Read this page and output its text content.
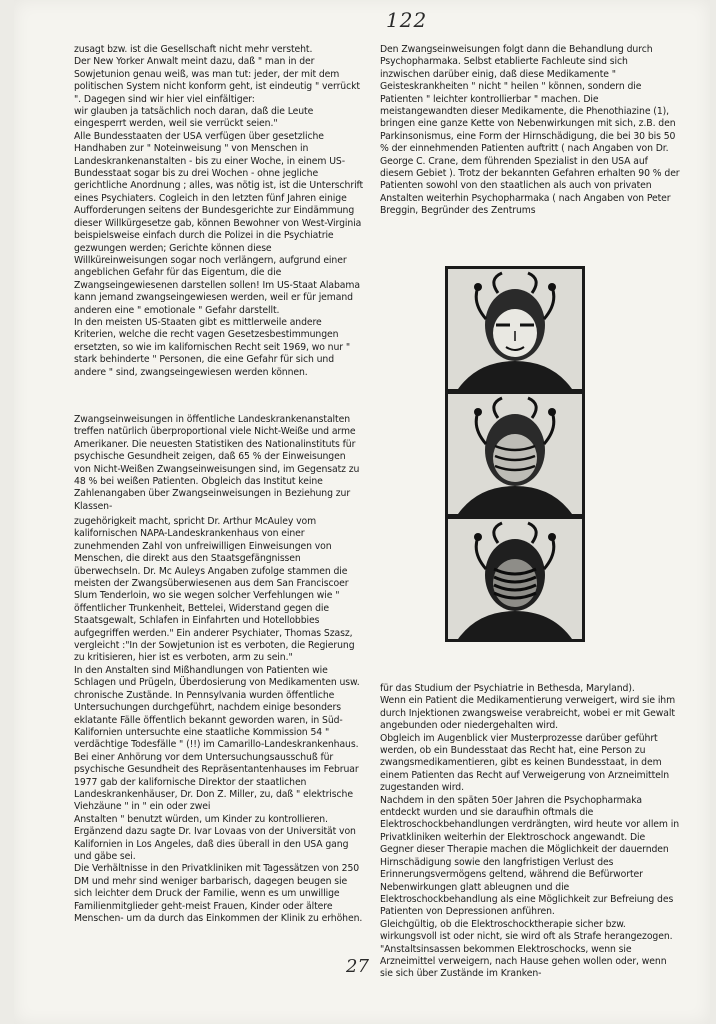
122

zusagt bzw. ist die Gesellschaft nicht mehr versteht.
Der New Yorker Anwalt meint dazu, daß " man in der Sowjetunion genau weiß, was man tut: jeder, der mit dem politischen System nicht konform geht, ist eindeutig " verrückt ". Dagegen sind wir hier viel einfältiger:
wir glauben ja tatsächlich noch daran, daß die Leute eingesperrt werden, weil sie verrückt seien."
Alle Bundesstaaten der USA verfügen über gesetzliche Handhaben zur " Noteinweisung " von Menschen in Landeskrankenanstalten - bis zu einer Woche, in einem US-Bundesstaat sogar bis zu drei Wochen - ohne jegliche gerichtliche Anordnung ; alles, was nötig ist, ist die Unterschrift eines Psychiaters. Cogleich in den letzten fünf Jahren einige Aufforderungen seitens der Bundesgerichte zur Eindämmung dieser Willkürgesetze gab, können Bewohner von West-Virginia beispielsweise einfach durch die Polizei in die Psychiatrie gezwungen werden; Gerichte können diese Willküreinweisungen sogar noch verlängern, aufgrund einer angeblichen Gefahr für das Eigentum, die die Zwangseingewiesenen darstellen sollen! Im US-Staat Alabama kann jemand zwangseingewiesen werden, weil er für jemand anderen eine " emotionale " Gefahr darstellt.
In den meisten US-Staaten gibt es mittlerweile andere Kriterien, welche die recht vagen Gesetzesbestimmungen ersetzten, so wie im kalifornischen Recht seit 1969, wo nur " stark behinderte " Personen, die eine Gefahr für sich und andere " sind, zwangseingewiesen werden können.

Zwangseinweisungen in öffentliche Landeskrankenanstalten treffen natürlich überproportional viele Nicht-Weiße und arme Amerikaner. Die neuesten Statistiken des Nationalinstituts für psychische Gesundheit zeigen, daß 65 % der Einweisungen von Nicht-Weißen Zwangseinweisungen sind, im Gegensatz zu 48 % bei weißen Patienten. Obgleich das Institut keine Zahlenangaben über Zwangseinweisungen in Beziehung zur Klassen-

zugehörigkeit macht, spricht Dr. Arthur McAuley vom kalifornischen NAPA-Landeskrankenhaus von einer zunehmenden Zahl von unfreiwilligen Einweisungen von Menschen, die direkt aus den Staatsgefängnissen überwechseln. Dr. Mc Auleys Angaben zufolge stammen die meisten der Zwangsüberwiesenen aus dem San Franciscoer Slum Tenderloin, wo sie wegen solcher Verfehlungen wie " öffentlicher Trunkenheit, Bettelei, Widerstand gegen die Staatsgewalt, Schlafen in Einfahrten und Hotellobbies aufgegriffen werden." Ein anderer Psychiater, Thomas Szasz, vergleicht :"In der Sowjetunion ist es verboten, die Regierung zu kritisieren, hier ist es verboten, arm zu sein."
In den Anstalten sind Mißhandlungen von Patienten wie Schlagen und Prügeln, Überdosierung von Medikamenten usw. chronische Zustände. In Pennsylvania wurden öffentliche Untersuchungen durchgeführt, nachdem einige besonders eklatante Fälle öffentlich bekannt geworden waren, in Süd-Kalifornien untersuchte eine staatliche Kommission 54 " verdächtige Todesfälle " (!!) im Camarillo-Landeskrankenhaus.
Bei einer Anhörung vor dem Untersuchungsausschuß für psychische Gesundheit des Repräsentantenhauses im Februar 1977 gab der kalifornische Direktor der staatlichen Landeskrankenhäuser, Dr. Don Z. Miller, zu, daß " elektrische Viehzäune " in " ein oder zwei
Anstalten " benutzt würden, um Kinder zu kontrollieren. Ergänzend dazu sagte Dr. Ivar Lovaas von der Universität von Kalifornien in Los Angeles, daß dies überall in den USA gang und gäbe sei.
Die Verhältnisse in den Privatkliniken mit Tagessätzen von 250 DM und mehr sind weniger barbarisch, dagegen beugen sie sich leichter dem Druck der Familie, wenn es um unwillige Familienmitglieder geht-meist Frauen, Kinder oder ältere Menschen- um da durch das Einkommen der Klinik zu erhöhen.

Den Zwangseinweisungen folgt dann die Behandlung durch Psychopharmaka. Selbst etablierte Fachleute sind sich inzwischen darüber einig, daß diese Medikamente " Geisteskrankheiten " nicht " heilen " können, sondern die Patienten " leichter kontrollierbar " machen. Die meistangewandten dieser Medikamente, die Phenothiazine (1), bringen eine ganze Kette von Nebenwirkungen mit sich, z.B. den Parkinsonismus, eine Form der Hirnschädigung, die bei 30 bis 50 % der einnehmenden Patienten auftritt ( nach Angaben von Dr. George C. Crane, dem führenden Spezialist in den USA auf diesem Gebiet ). Trotz der bekannten Gefahren erhalten 90 % der Patienten sowohl von den staatlichen als auch von privaten Anstalten weiterhin Psychopharmaka ( nach Angaben von Peter Breggin, Begründer des Zentrums

für das Studium der Psychiatrie in Bethesda, Maryland).
Wenn ein Patient die Medikamentierung verweigert, wird sie ihm durch Injektionen zwangsweise verabreicht, wobei er mit Gewalt angebunden oder niedergehalten wird.
Obgleich im Augenblick vier Musterprozesse darüber geführt werden, ob ein Bundesstaat das Recht hat, eine Person zu zwangsmedikamentieren, gibt es keinen Bundesstaat, in dem einem Patienten das Recht auf Verweigerung von Arzneimitteln zugestanden wird.
Nachdem in den späten 50er Jahren die Psychopharmaka entdeckt wurden und sie daraufhin oftmals die Elektroschockbehandlungen verdrängten, wird heute vor allem in Privatkliniken weiterhin der Elektroschock angewandt. Die Gegner dieser Therapie machen die Möglichkeit der dauernden Hirnschädigung sowie den langfristigen Verlust des Erinnerungsvermögens geltend, während die Befürworter Nebenwirkungen glatt ableugnen und die Elektroschockbehandlung als eine Möglichkeit zur Befreiung des Patienten von Depressionen anführen.
Gleichgültig, ob die Elektroschocktherapie sicher bzw. wirkungsvoll ist oder nicht, sie wird oft als Strafe herangezogen. "Anstaltsinsassen bekommen Elektroschocks, wenn sie Arzneimittel verweigern, nach Hause gehen wollen oder, wenn sie sich über Zustände im Kranken-

27
